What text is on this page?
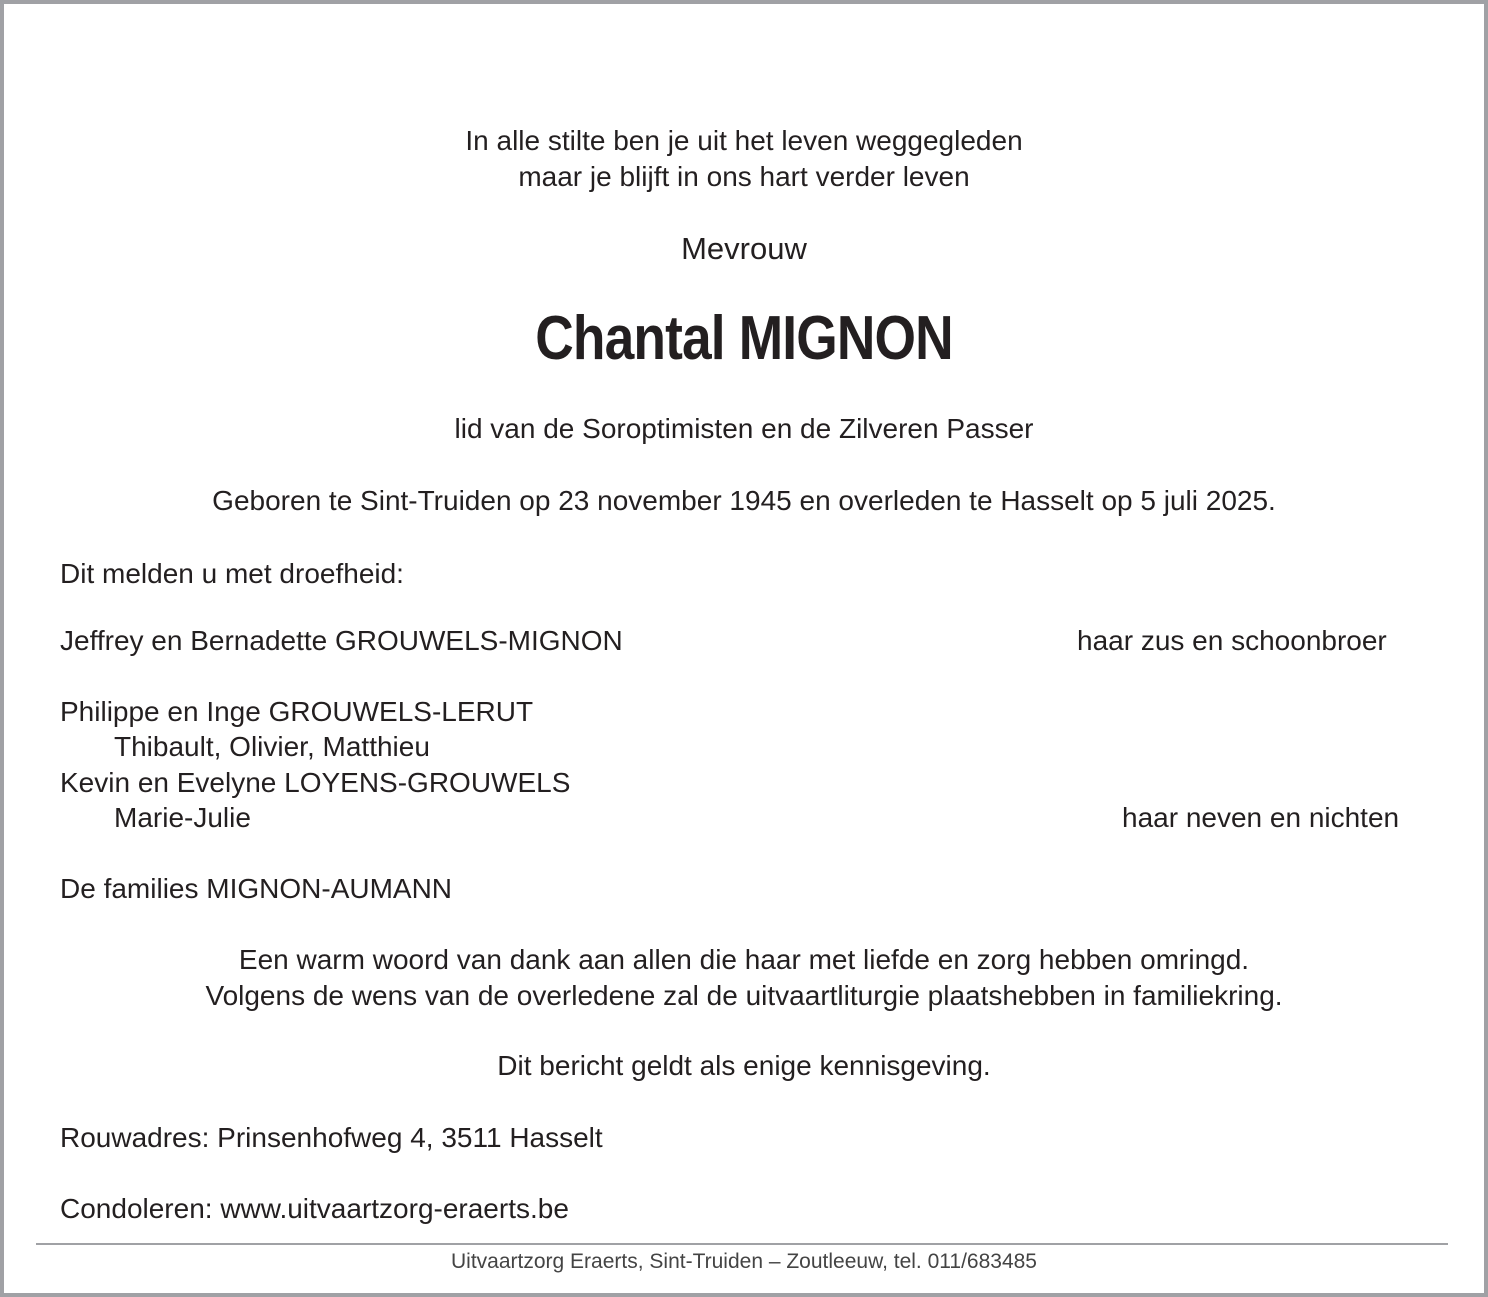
In alle stilte ben je uit het leven weggegleden
maar je blijft in ons hart verder leven
Mevrouw
Chantal MIGNON
lid van de Soroptimisten en de Zilveren Passer
Geboren te Sint-Truiden op 23 november 1945 en overleden te Hasselt op 5 juli 2025.
Dit melden u met droefheid:
Jeffrey en Bernadette GROUWELS-MIGNON	haar zus en schoonbroer
Philippe en Inge GROUWELS-LERUT
Thibault, Olivier, Matthieu
Kevin en Evelyne LOYENS-GROUWELS
Marie-Julie	haar neven en nichten
De families MIGNON-AUMANN
Een warm woord van dank aan allen die haar met liefde en zorg hebben omringd.
Volgens de wens van de overledene zal de uitvaartliturgie plaatshebben in familiekring.
Dit bericht geldt als enige kennisgeving.
Rouwadres: Prinsenhofweg 4, 3511 Hasselt
Condoleren: www.uitvaartzorg-eraerts.be
Uitvaartzorg Eraerts, Sint-Truiden – Zoutleeuw, tel. 011/683485
